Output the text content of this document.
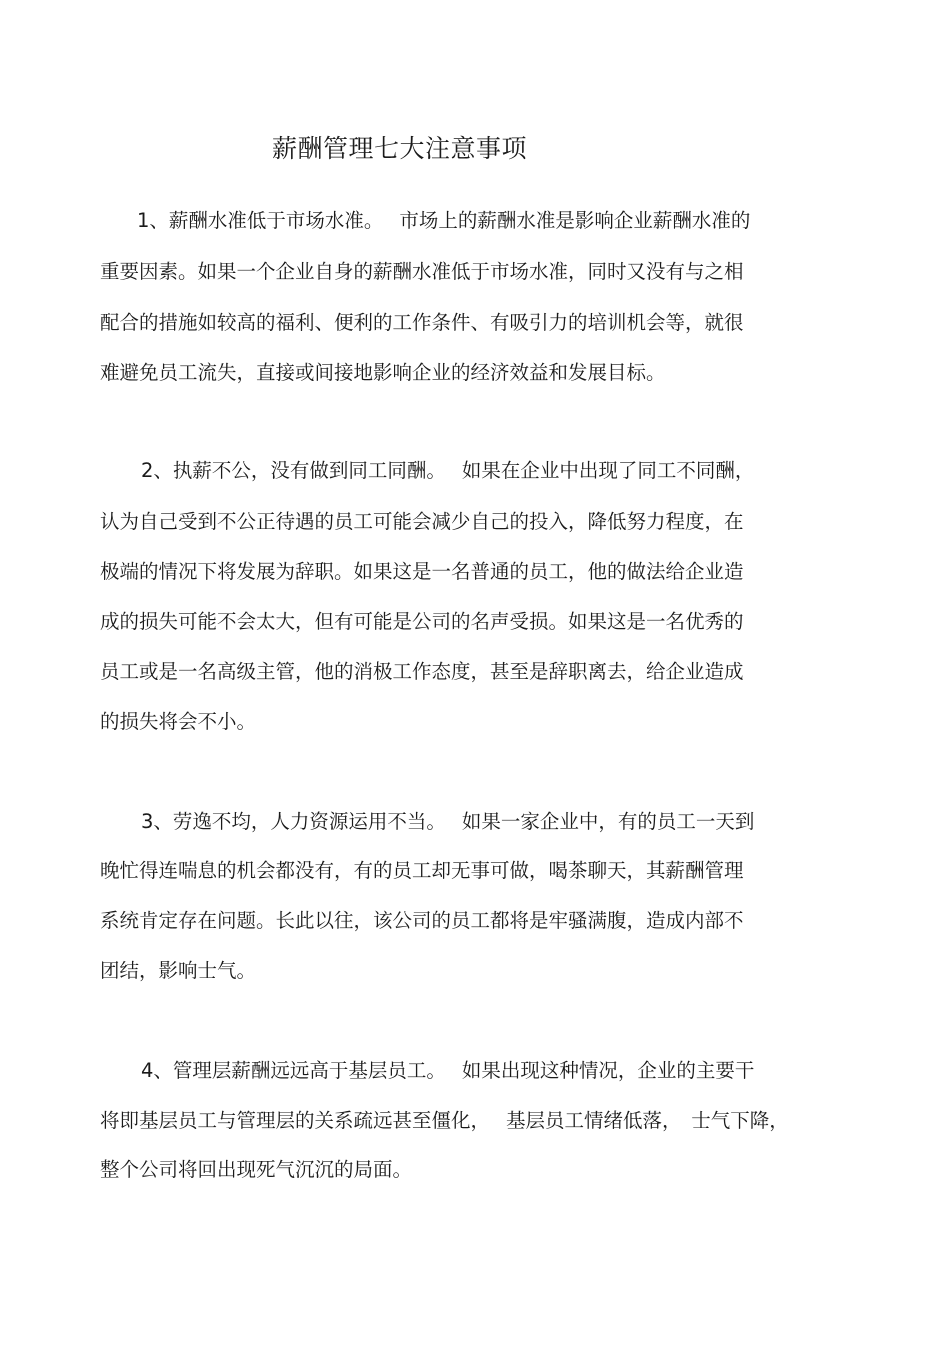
薪酬管理七大注意事项
1、薪酬水准低于市场水准。　 市场上的薪酬水准是影响企业薪酬水准的
重要因素。如果一个企业自身的薪酬水准低于市场水准，同时又没有与之相
配合的措施如较高的福利、便利的工作条件、有吸引力的培训机会等，就很
难避免员工流失，直接或间接地影响企业的经济效益和发展目标。
2、执薪不公，没有做到同工同酬。　 如果在企业中出现了同工不同酬，
认为自己受到不公正待遇的员工可能会减少自己的投入，降低努力程度，在
极端的情况下将发展为辞职。如果这是一名普通的员工，他的做法给企业造
成的损失可能不会太大，但有可能是公司的名声受损。如果这是一名优秀的
员工或是一名高级主管，他的消极工作态度，甚至是辞职离去，给企业造成
的损失将会不小。
3、劳逸不均，人力资源运用不当。　 如果一家企业中，有的员工一天到
晚忙得连喘息的机会都没有，有的员工却无事可做，喝茶聊天，其薪酬管理
系统肯定存在问题。长此以往，该公司的员工都将是牢骚满腹，造成内部不
团结，影响士气。
4、管理层薪酬远远高于基层员工。　 如果出现这种情况，企业的主要干
将即基层员工与管理层的关系疏远甚至僵化，　 基层员工情绪低落，　士气下降，
整个公司将回出现死气沉沉的局面。
